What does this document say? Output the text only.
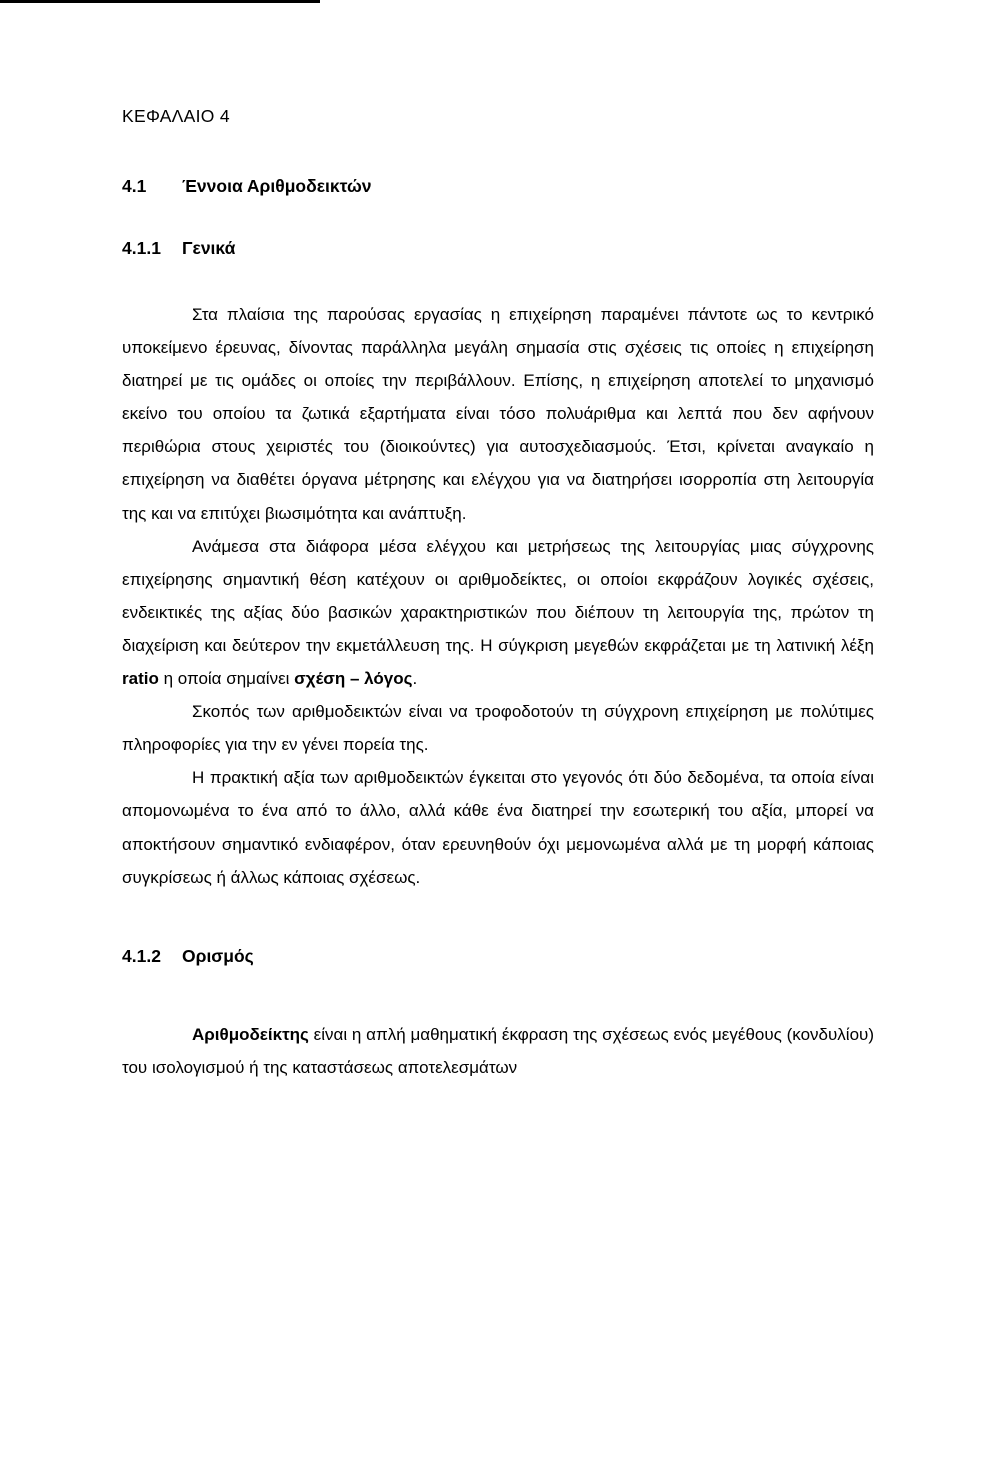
ΚΕΦΑΛΑΙΟ 4

4.1	Έννοια Αριθμοδεικτών
4.1.1	Γενικά

Στα πλαίσια της παρούσας εργασίας η επιχείρηση παραμένει πάντοτε ως το κεντρικό υποκείμενο έρευνας, δίνοντας παράλληλα μεγάλη σημασία στις σχέσεις τις οποίες η επιχείρηση διατηρεί με τις ομάδες οι οποίες την περιβάλλουν. Επίσης, η επιχείρηση αποτελεί το μηχανισμό εκείνο του οποίου τα ζωτικά εξαρτήματα είναι τόσο πολυάριθμα και λεπτά που δεν αφήνουν περιθώρια στους χειριστές του (διοικούντες) για αυτοσχεδιασμούς. Έτσι, κρίνεται αναγκαίο η επιχείρηση να διαθέτει όργανα μέτρησης και ελέγχου για να διατηρήσει ισορροπία στη λειτουργία της και να επιτύχει βιωσιμότητα και ανάπτυξη.

Ανάμεσα στα διάφορα μέσα ελέγχου και μετρήσεως της λειτουργίας μιας σύγχρονης επιχείρησης σημαντική θέση κατέχουν οι αριθμοδείκτες, οι οποίοι εκφράζουν λογικές σχέσεις, ενδεικτικές της αξίας δύο βασικών χαρακτηριστικών που διέπουν τη λειτουργία της, πρώτον τη διαχείριση και δεύτερον την εκμετάλλευση της. Η σύγκριση μεγεθών εκφράζεται με τη λατινική λέξη ratio η οποία σημαίνει σχέση – λόγος.

Σκοπός των αριθμοδεικτών είναι να τροφοδοτούν τη σύγχρονη επιχείρηση με πολύτιμες πληροφορίες για την εν γένει πορεία της.

Η πρακτική αξία των αριθμοδεικτών έγκειται στο γεγονός ότι δύο δεδομένα, τα οποία είναι απομονωμένα το ένα από το άλλο, αλλά κάθε ένα διατηρεί την εσωτερική του αξία, μπορεί να αποκτήσουν σημαντικό ενδιαφέρον, όταν ερευνηθούν όχι μεμονωμένα αλλά με τη μορφή κάποιας συγκρίσεως ή άλλως κάποιας σχέσεως.

4.1.2	Ορισμός

Αριθμοδείκτης είναι η απλή μαθηματική έκφραση της σχέσεως ενός μεγέθους (κονδυλίου) του ισολογισμού ή της καταστάσεως αποτελεσμάτων
